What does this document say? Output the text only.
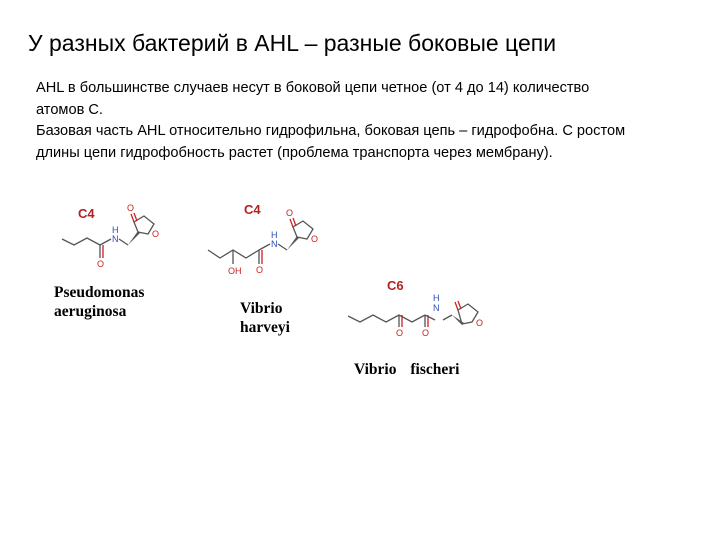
У разных бактерий в AHL – разные боковые цепи

AHL в большинстве случаев несут в боковой цепи четное (от 4 до 14) количество атомов С.

Базовая часть AHL относительно гидрофильна, боковая цепь – гидрофобна. С ростом длины цепи гидрофобность растет (проблема транспорта через мембрану).

C4
O
H
N
O
O
Pseudomonas
aeruginosa
C4
OH
H
N
O
O
O
Vibrio
harveyi
C6
O
H
N
O
O
Vibrio fischeri
